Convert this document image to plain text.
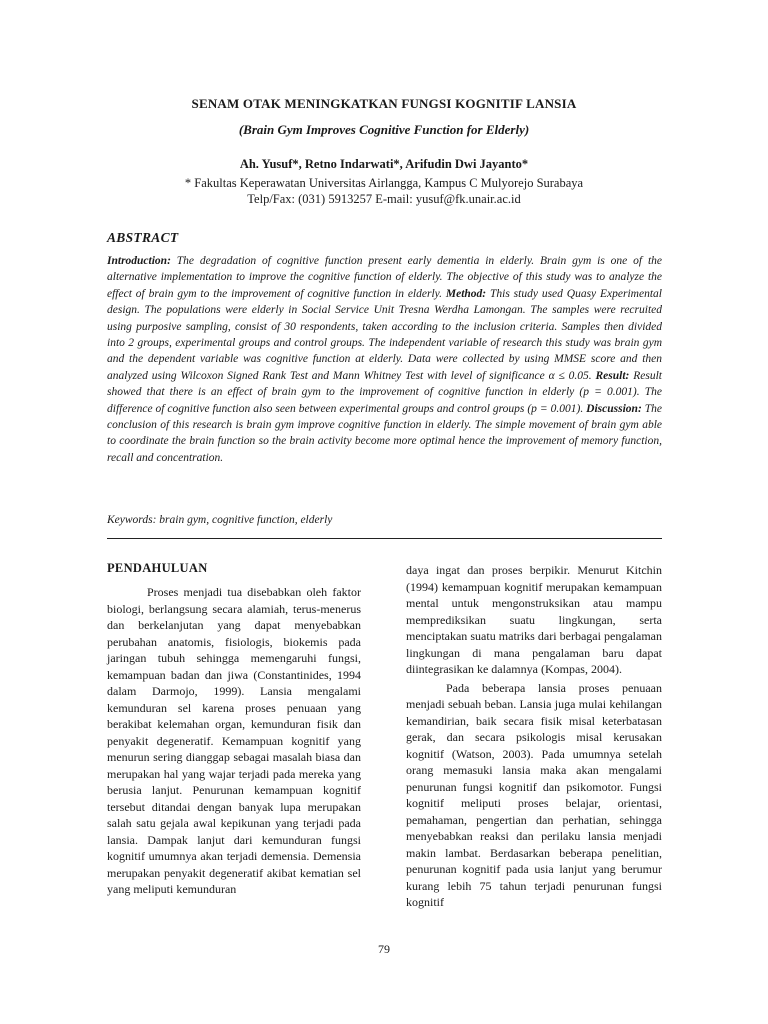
SENAM OTAK MENINGKATKAN FUNGSI KOGNITIF LANSIA
(Brain Gym Improves Cognitive Function for Elderly)
Ah. Yusuf*, Retno Indarwati*, Arifudin Dwi Jayanto*
* Fakultas Keperawatan Universitas Airlangga, Kampus C Mulyorejo Surabaya
Telp/Fax: (031) 5913257 E-mail: yusuf@fk.unair.ac.id
ABSTRACT
Introduction: The degradation of cognitive function present early dementia in elderly. Brain gym is one of the alternative implementation to improve the cognitive function of elderly. The objective of this study was to analyze the effect of brain gym to the improvement of cognitive function in elderly. Method: This study used Quasy Experimental design. The populations were elderly in Social Service Unit Tresna Werdha Lamongan. The samples were recruited using purposive sampling, consist of 30 respondents, taken according to the inclusion criteria. Samples then divided into 2 groups, experimental groups and control groups. The independent variable of research this study was brain gym and the dependent variable was cognitive function at elderly. Data were collected by using MMSE score and then analyzed using Wilcoxon Signed Rank Test and Mann Whitney Test with level of significance α ≤ 0.05. Result: Result showed that there is an effect of brain gym to the improvement of cognitive function in elderly (p = 0.001). The difference of cognitive function also seen between experimental groups and control groups (p = 0.001). Discussion: The conclusion of this research is brain gym improve cognitive function in elderly. The simple movement of brain gym able to coordinate the brain function so the brain activity become more optimal hence the improvement of memory function, recall and concentration.
Keywords: brain gym, cognitive function, elderly
PENDAHULUAN

Proses menjadi tua disebabkan oleh faktor biologi, berlangsung secara alamiah, terus-menerus dan berkelanjutan yang dapat menyebabkan perubahan anatomis, fisiologis, biokemis pada jaringan tubuh sehingga memengaruhi fungsi, kemampuan badan dan jiwa (Constantinides, 1994 dalam Darmojo, 1999). Lansia mengalami kemunduran sel karena proses penuaan yang berakibat kelemahan organ, kemunduran fisik dan penyakit degeneratif. Kemampuan kognitif yang menurun sering dianggap sebagai masalah biasa dan merupakan hal yang wajar terjadi pada mereka yang berusia lanjut. Penurunan kemampuan kognitif tersebut ditandai dengan banyak lupa merupakan salah satu gejala awal kepikunan yang terjadi pada lansia. Dampak lanjut dari kemunduran fungsi kognitif umumnya akan terjadi demensia. Demensia merupakan penyakit degeneratif akibat kematian sel yang meliputi kemunduran

daya ingat dan proses berpikir. Menurut Kitchin (1994) kemampuan kognitif merupakan kemampuan mental untuk mengonstruksikan atau mampu memprediksikan suatu lingkungan, serta menciptakan suatu matriks dari berbagai pengalaman lingkungan di mana pengalaman baru dapat diintegrasikan ke dalamnya (Kompas, 2004).

Pada beberapa lansia proses penuaan menjadi sebuah beban. Lansia juga mulai kehilangan kemandirian, baik secara fisik misal keterbatasan gerak, dan secara psikologis misal kerusakan kognitif (Watson, 2003). Pada umumnya setelah orang memasuki lansia maka akan mengalami penurunan fungsi kognitif dan psikomotor. Fungsi kognitif meliputi proses belajar, orientasi, pemahaman, pengertian dan perhatian, sehingga menyebabkan reaksi dan perilaku lansia menjadi makin lambat. Berdasarkan beberapa penelitian, penurunan kognitif pada usia lanjut yang berumur kurang lebih 75 tahun terjadi penurunan fungsi kognitif

79
